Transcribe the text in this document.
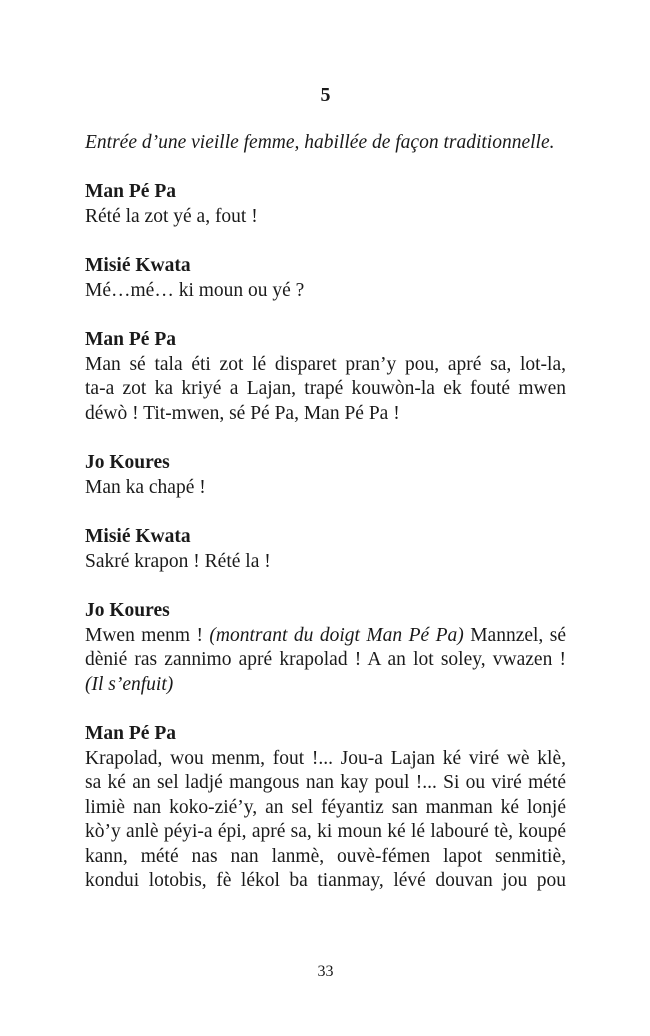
5
Entrée d’une vieille femme, habillée de façon traditionnelle.
Man Pé Pa
Rété la zot yé a, fout !
Misié Kwata
Mé…mé… ki moun ou yé ?
Man Pé Pa
Man sé tala éti zot lé disparet pran’y pou, apré sa, lot-la,
ta-a zot ka kriyé a Lajan, trapé kouwòn-la ek fouté mwen
déwò ! Tit-mwen, sé Pé Pa, Man Pé Pa !
Jo Koures
Man ka chapé !
Misié Kwata
Sakré krapon ! Rété la !
Jo Koures
Mwen menm ! (montrant du doigt Man Pé Pa) Mannzel, sé
dènié ras zannimo apré krapolad ! A an lot soley, vwazen !
(Il s’enfuit)
Man Pé Pa
Krapolad, wou menm, fout !... Jou-a Lajan ké viré wè klè,
sa ké an sel ladjé mangous nan kay poul !... Si ou viré mété
limiè nan koko-zié’y, an sel féyantiz san manman ké lonjé
kò’y anlè péyi-a épi, apré sa, ki moun ké lé labouré tè, koupé
kann, mété nas nan lanmè, ouvè-fémen lapot senmitiè,
kondui lotobis, fè lékol ba tianmay, lévé douvan jou pou
33
